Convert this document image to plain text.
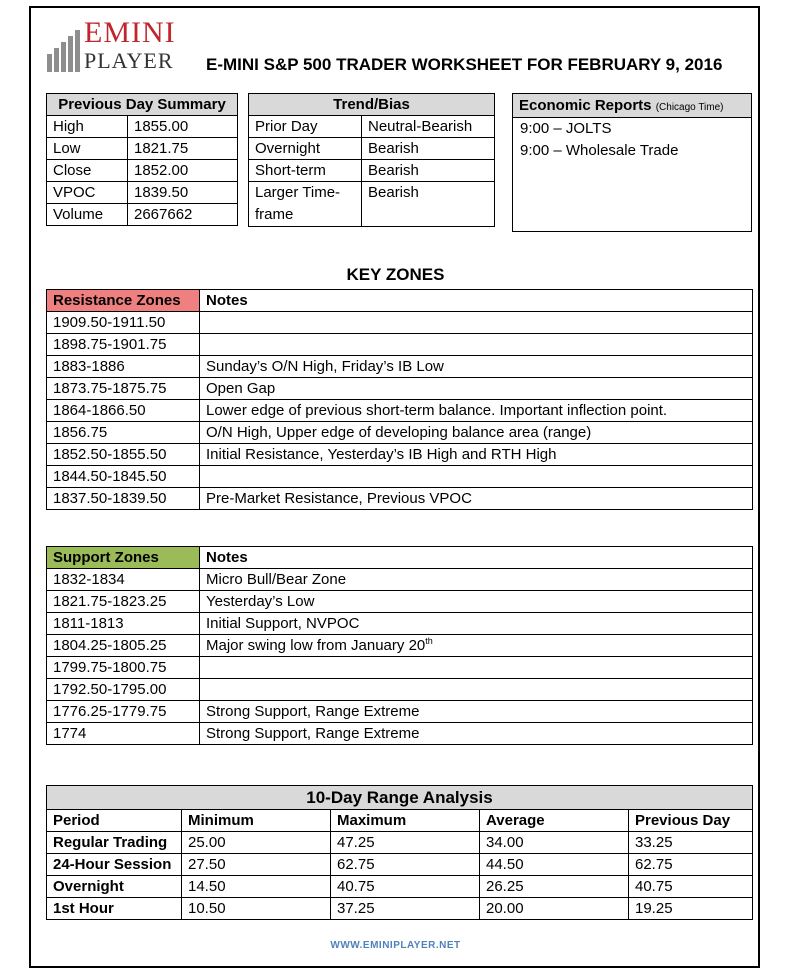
EMINI
PLAYER E-MINI S&P 500 TRADER WORKSHEET FOR FEBRUARY 9, 2016
Previous Day Summary	
High	1855.00
Low	1821.75
Close	1852.00
VPOC	1839.50
Volume	2667662
Trend/Bias	
Prior Day	Neutral-Bearish
Overnight	Bearish
Short-term	Bearish
Larger Time-
frame	Bearish
Economic Reports (Chicago Time)
9:00 – JOLTS
9:00 – Wholesale Trade
KEY ZONES
Resistance Zones	Notes
1909.50-1911.50	
1898.75-1901.75	
1883-1886	Sunday’s O/N High, Friday’s IB Low
1873.75-1875.75	Open Gap
1864-1866.50	Lower edge of previous short-term balance. Important inflection point.
1856.75	O/N High, Upper edge of developing balance area (range)
1852.50-1855.50	Initial Resistance, Yesterday’s IB High and RTH High
1844.50-1845.50	
1837.50-1839.50	Pre-Market Resistance, Previous VPOC
Support Zones	Notes
1832-1834	Micro Bull/Bear Zone
1821.75-1823.25	Yesterday’s Low
1811-1813	Initial Support, NVPOC
1804.25-1805.25	Major swing low from January 20th
1799.75-1800.75	
1792.50-1795.00	
1776.25-1779.75	Strong Support, Range Extreme
1774	Strong Support, Range Extreme
10-Day Range Analysis				
Period	Minimum	Maximum	Average	Previous Day
Regular Trading	25.00	47.25	34.00	33.25
24-Hour Session	27.50	62.75	44.50	62.75
Overnight	14.50	40.75	26.25	40.75
1st Hour	10.50	37.25	20.00	19.25
WWW.EMINIPLAYER.NET
